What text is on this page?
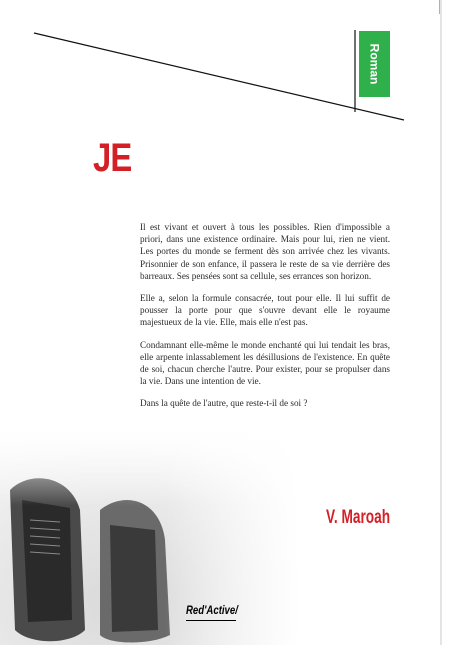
Roman
JE

Il est vivant et ouvert à tous les possibles. Rien d'impossible a priori, dans une existence ordinaire. Mais pour lui, rien ne vient. Les portes du monde se ferment dès son arrivée chez les vivants. Prisonnier de son enfance, il passera le reste de sa vie derrière des barreaux. Ses pensées sont sa cellule, ses errances son horizon.

Elle a, selon la formule consacrée, tout pour elle. Il lui suffit de pousser la porte pour que s'ouvre devant elle le royaume majestueux de la vie. Elle, mais elle n'est pas.

Condamnant elle-même le monde enchanté qui lui tendait les bras, elle arpente inlassablement les désillusions de l'existence. En quête de soi, chacun cherche l'autre. Pour exister, pour se propulser dans la vie. Dans une intention de vie.

Dans la quête de l'autre, que reste-t-il de soi ?

V. Maroah
Red'Active/
